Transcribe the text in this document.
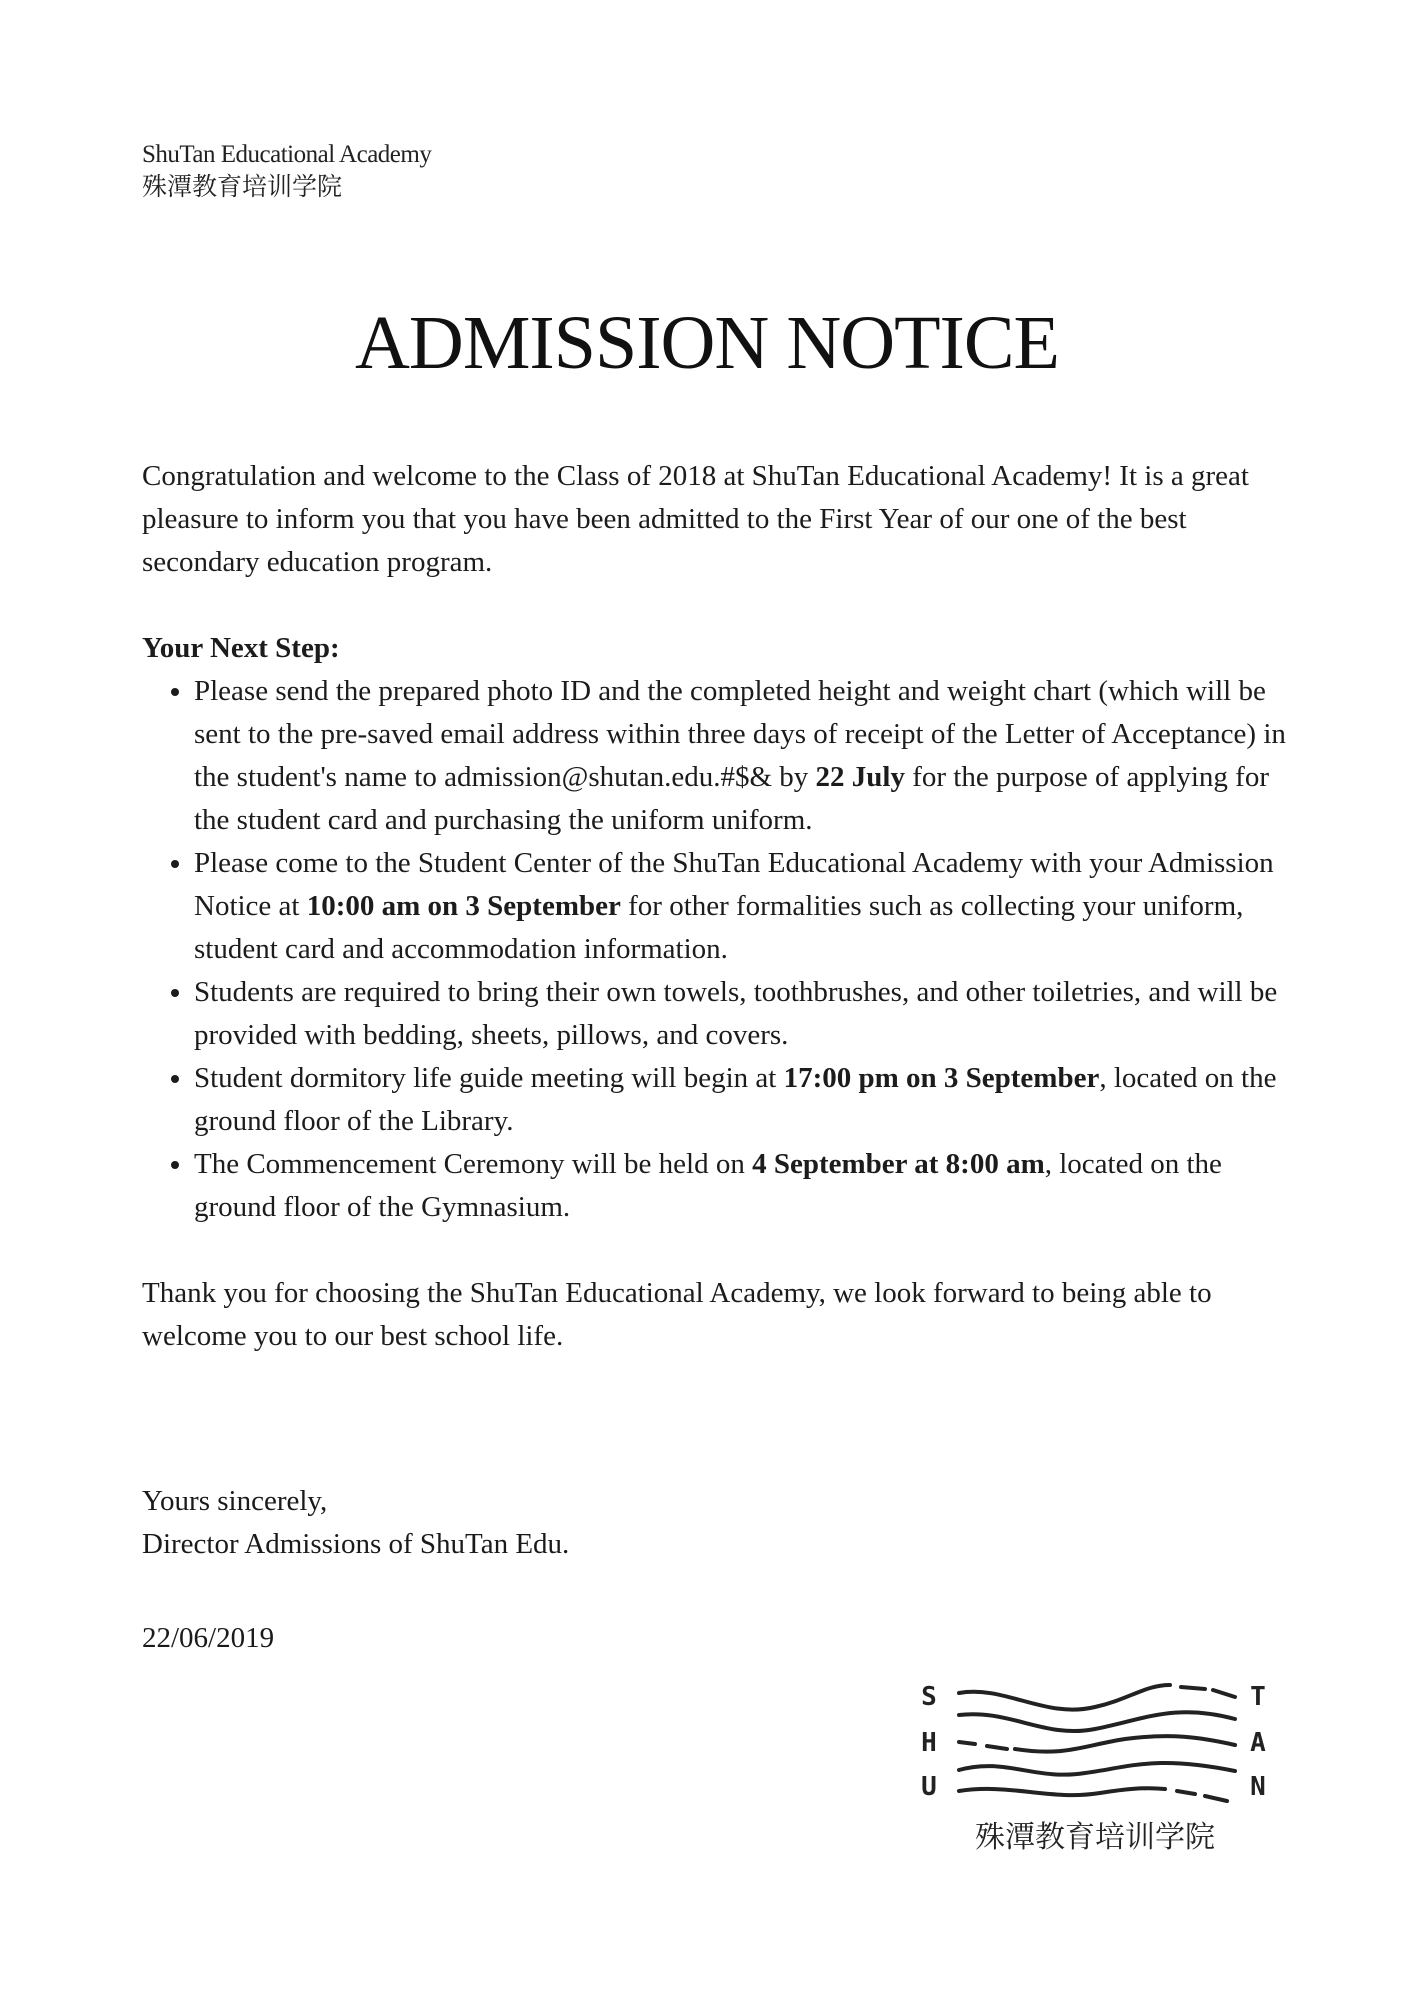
ShuTan Educational Academy
殊潭教育培训学院
ADMISSION NOTICE

Congratulation and welcome to the Class of 2018 at ShuTan Educational Academy! It is a great pleasure to inform you that you have been admitted to the First Year of our one of the best secondary education program.

Your Next Step:

• Please send the prepared photo ID and the completed height and weight chart (which will be sent to the pre-saved email address within three days of receipt of the Letter of Acceptance) in the student's name to admission@shutan.edu.#$& by 22 July for the purpose of applying for the student card and purchasing the uniform uniform.
• Please come to the Student Center of the ShuTan Educational Academy with your Admission Notice at 10:00 am on 3 September for other formalities such as collecting your uniform, student card and accommodation information.
• Students are required to bring their own towels, toothbrushes, and other toiletries, and will be provided with bedding, sheets, pillows, and covers.
• Student dormitory life guide meeting will begin at 17:00 pm on 3 September, located on the ground floor of the Library.
• The Commencement Ceremony will be held on 4 September at 8:00 am, located on the ground floor of the Gymnasium.

Thank you for choosing the ShuTan Educational Academy, we look forward to being able to welcome you to our best school life.

Yours sincerely,
Director Admissions of ShuTan Edu.
22/06/2019
S
H
U
T
A
N
殊潭教育培训学院
